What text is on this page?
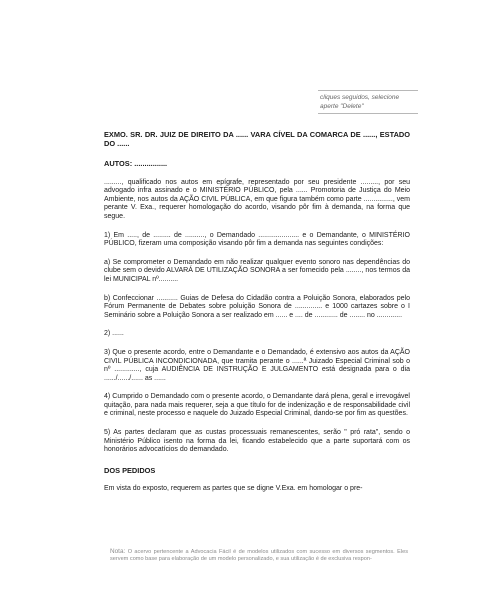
cliques seguidos, selecione aperte "Delete"

EXMO. SR. DR. JUIZ DE DIREITO DA ...... VARA CÍVEL DA COMARCA DE ......, ESTADO DO ......

AUTOS: ................

........., qualificado nos autos em epígrafe, representado por seu presidente ........., por seu advogado infra assinado e o MINISTÉRIO PÚBLICO, pela ...... Promotoria de Justiça do Meio Ambiente, nos autos da AÇÃO CIVIL PÚBLICA, em que figura também como parte ..............., vem perante V. Exa., requerer homologação do acordo, visando pôr fim à demanda, na forma que segue.

1) Em ....., de ......... de .........., o Demandado ..................... e o Demandante, o MINISTÉRIO PÚBLICO, fizeram uma composição visando pôr fim a demanda nas seguintes condições:

a) Se comprometer o Demandado em não realizar qualquer evento sonoro nas dependências do clube sem o devido ALVARÁ DE UTILIZAÇÃO SONORA a ser fornecido pela ........, nos termos da lei MUNICIPAL nº..........

b) Confeccionar ........... Guias de Defesa do Cidadão contra a Poluição Sonora, elaborados pelo Fórum Permanente de Debates sobre poluição Sonora de .............. e 1000 cartazes sobre o I Seminário sobre a Poluição Sonora a ser realizado em ...... e .... de ............ de ........ no .............

2) ......

3) Que o presente acordo, entre o Demandante e o Demandado, é extensivo aos autos da AÇÃO CIVIL PÚBLICA INCONDICIONADA, que tramita perante o ......ª Juizado Especial Criminal sob o nº ............., cuja AUDIÊNCIA DE INSTRUÇÃO E JULGAMENTO está designada para o dia ....../....../...... as ......

4) Cumprido o Demandado com o presente acordo, o Demandante dará plena, geral e irrevogável quitação, para nada mais requerer, seja a que título for de indenização e de responsabilidade civil e criminal, neste processo e naquele do Juizado Especial Criminal, dando-se por fim as questões.

5) As partes declaram que as custas processuais remanescentes, serão " pró rata", sendo o Ministério Público isento na forma da lei, ficando estabelecido que a parte suportará com os honorários advocatícios do demandado.

DOS PEDIDOS

Em vista do exposto, requerem as partes que se digne V.Exa. em homologar o pre-

Nota: O acervo pertencente a Advocacia Fácil é de modelos utilizados com sucesso em diversos segmentos. Eles servem como base para elaboração de um modelo personalizado, e sua utilização é de exclusiva respon-
